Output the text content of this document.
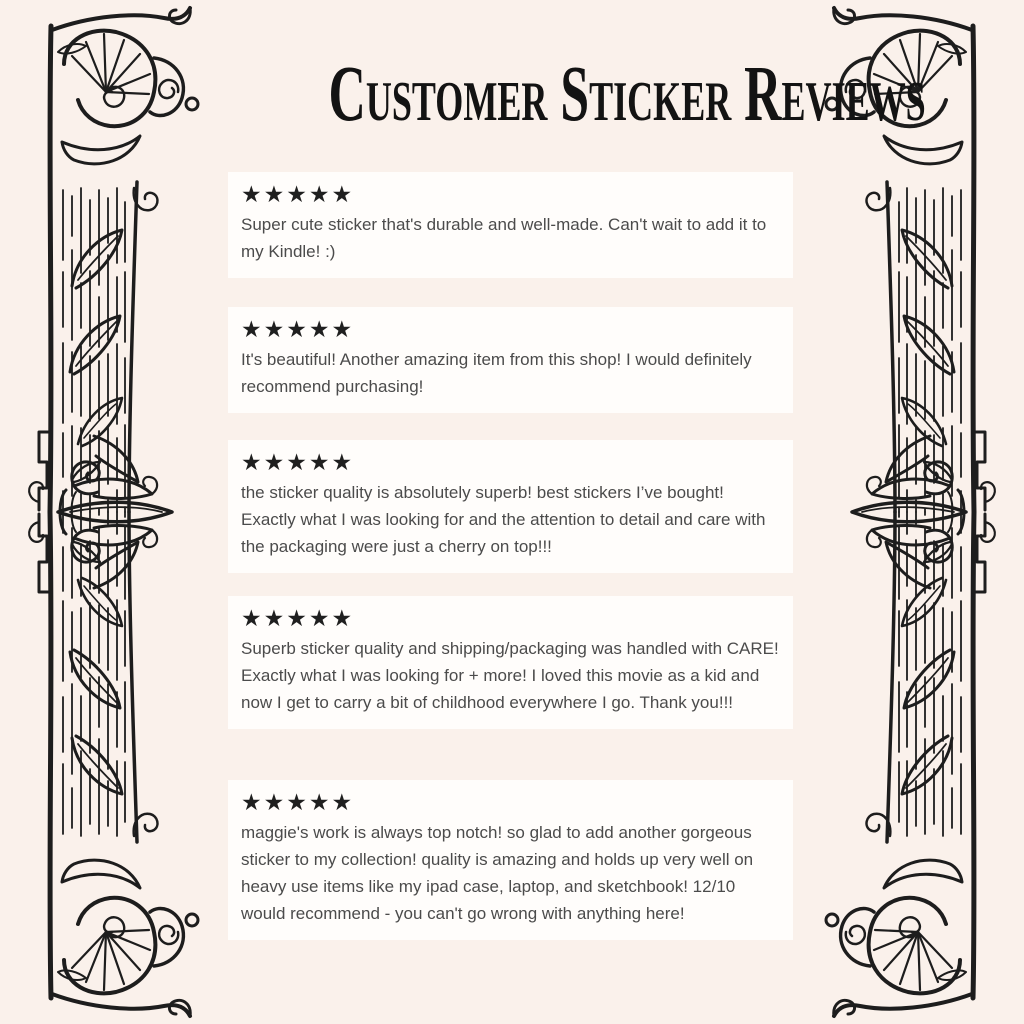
Customer Sticker Reviews
★★★★★
Super cute sticker that's durable and well-made. Can't wait to add it to my Kindle! :)
★★★★★
It's beautiful! Another amazing item from this shop! I would definitely recommend purchasing!
★★★★★
the sticker quality is absolutely superb! best stickers I’ve bought! Exactly what I was looking for and the attention to detail and care with the packaging were just a cherry on top!!!
★★★★★
Superb sticker quality and shipping/packaging was handled with CARE! Exactly what I was looking for + more! I loved this movie as a kid and now I get to carry a bit of childhood everywhere I go. Thank you!!!
★★★★★
maggie's work is always top notch! so glad to add another gorgeous sticker to my collection! quality is amazing and holds up very well on heavy use items like my ipad case, laptop, and sketchbook! 12/10 would recommend - you can't go wrong with anything here!
